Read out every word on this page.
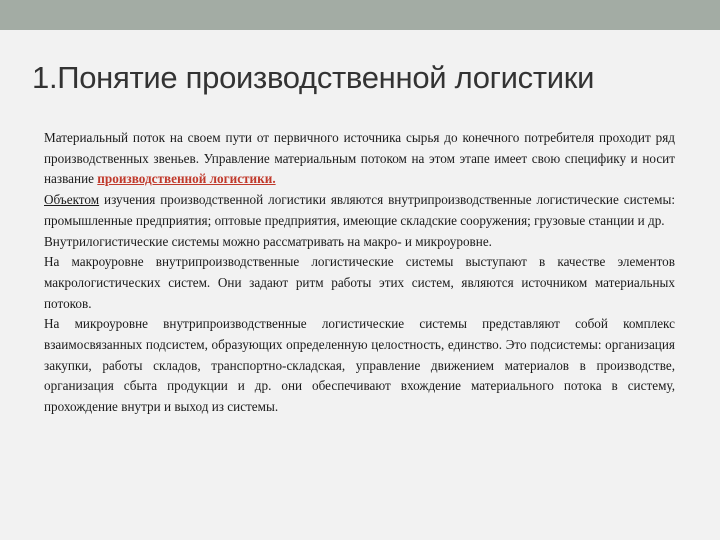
1.Понятие производственной логистики

Материальный поток на своем пути от первичного источника сырья до конечного потребителя проходит ряд производственных звеньев. Управление материальным потоком на этом этапе имеет свою специфику и носит название производственной логистики.

Объектом изучения производственной логистики являются внутрипроизводственные логистические системы: промышленные предприятия; оптовые предприятия, имеющие складские сооружения; грузовые станции и др.

Внутрилогистические системы можно рассматривать на макро- и микроуровне.

На макроуровне внутрипроизводственные логистические системы выступают в качестве элементов макрологистических систем. Они задают ритм работы этих систем, являются источником материальных потоков.

На микроуровне внутрипроизводственные логистические системы представляют собой комплекс взаимосвязанных подсистем, образующих определенную целостность, единство. Это подсистемы: организация закупки, работы складов, транспортно-складская, управление движением материалов в производстве, организация сбыта продукции и др. они обеспечивают вхождение материального потока в систему, прохождение внутри и выход из системы.
